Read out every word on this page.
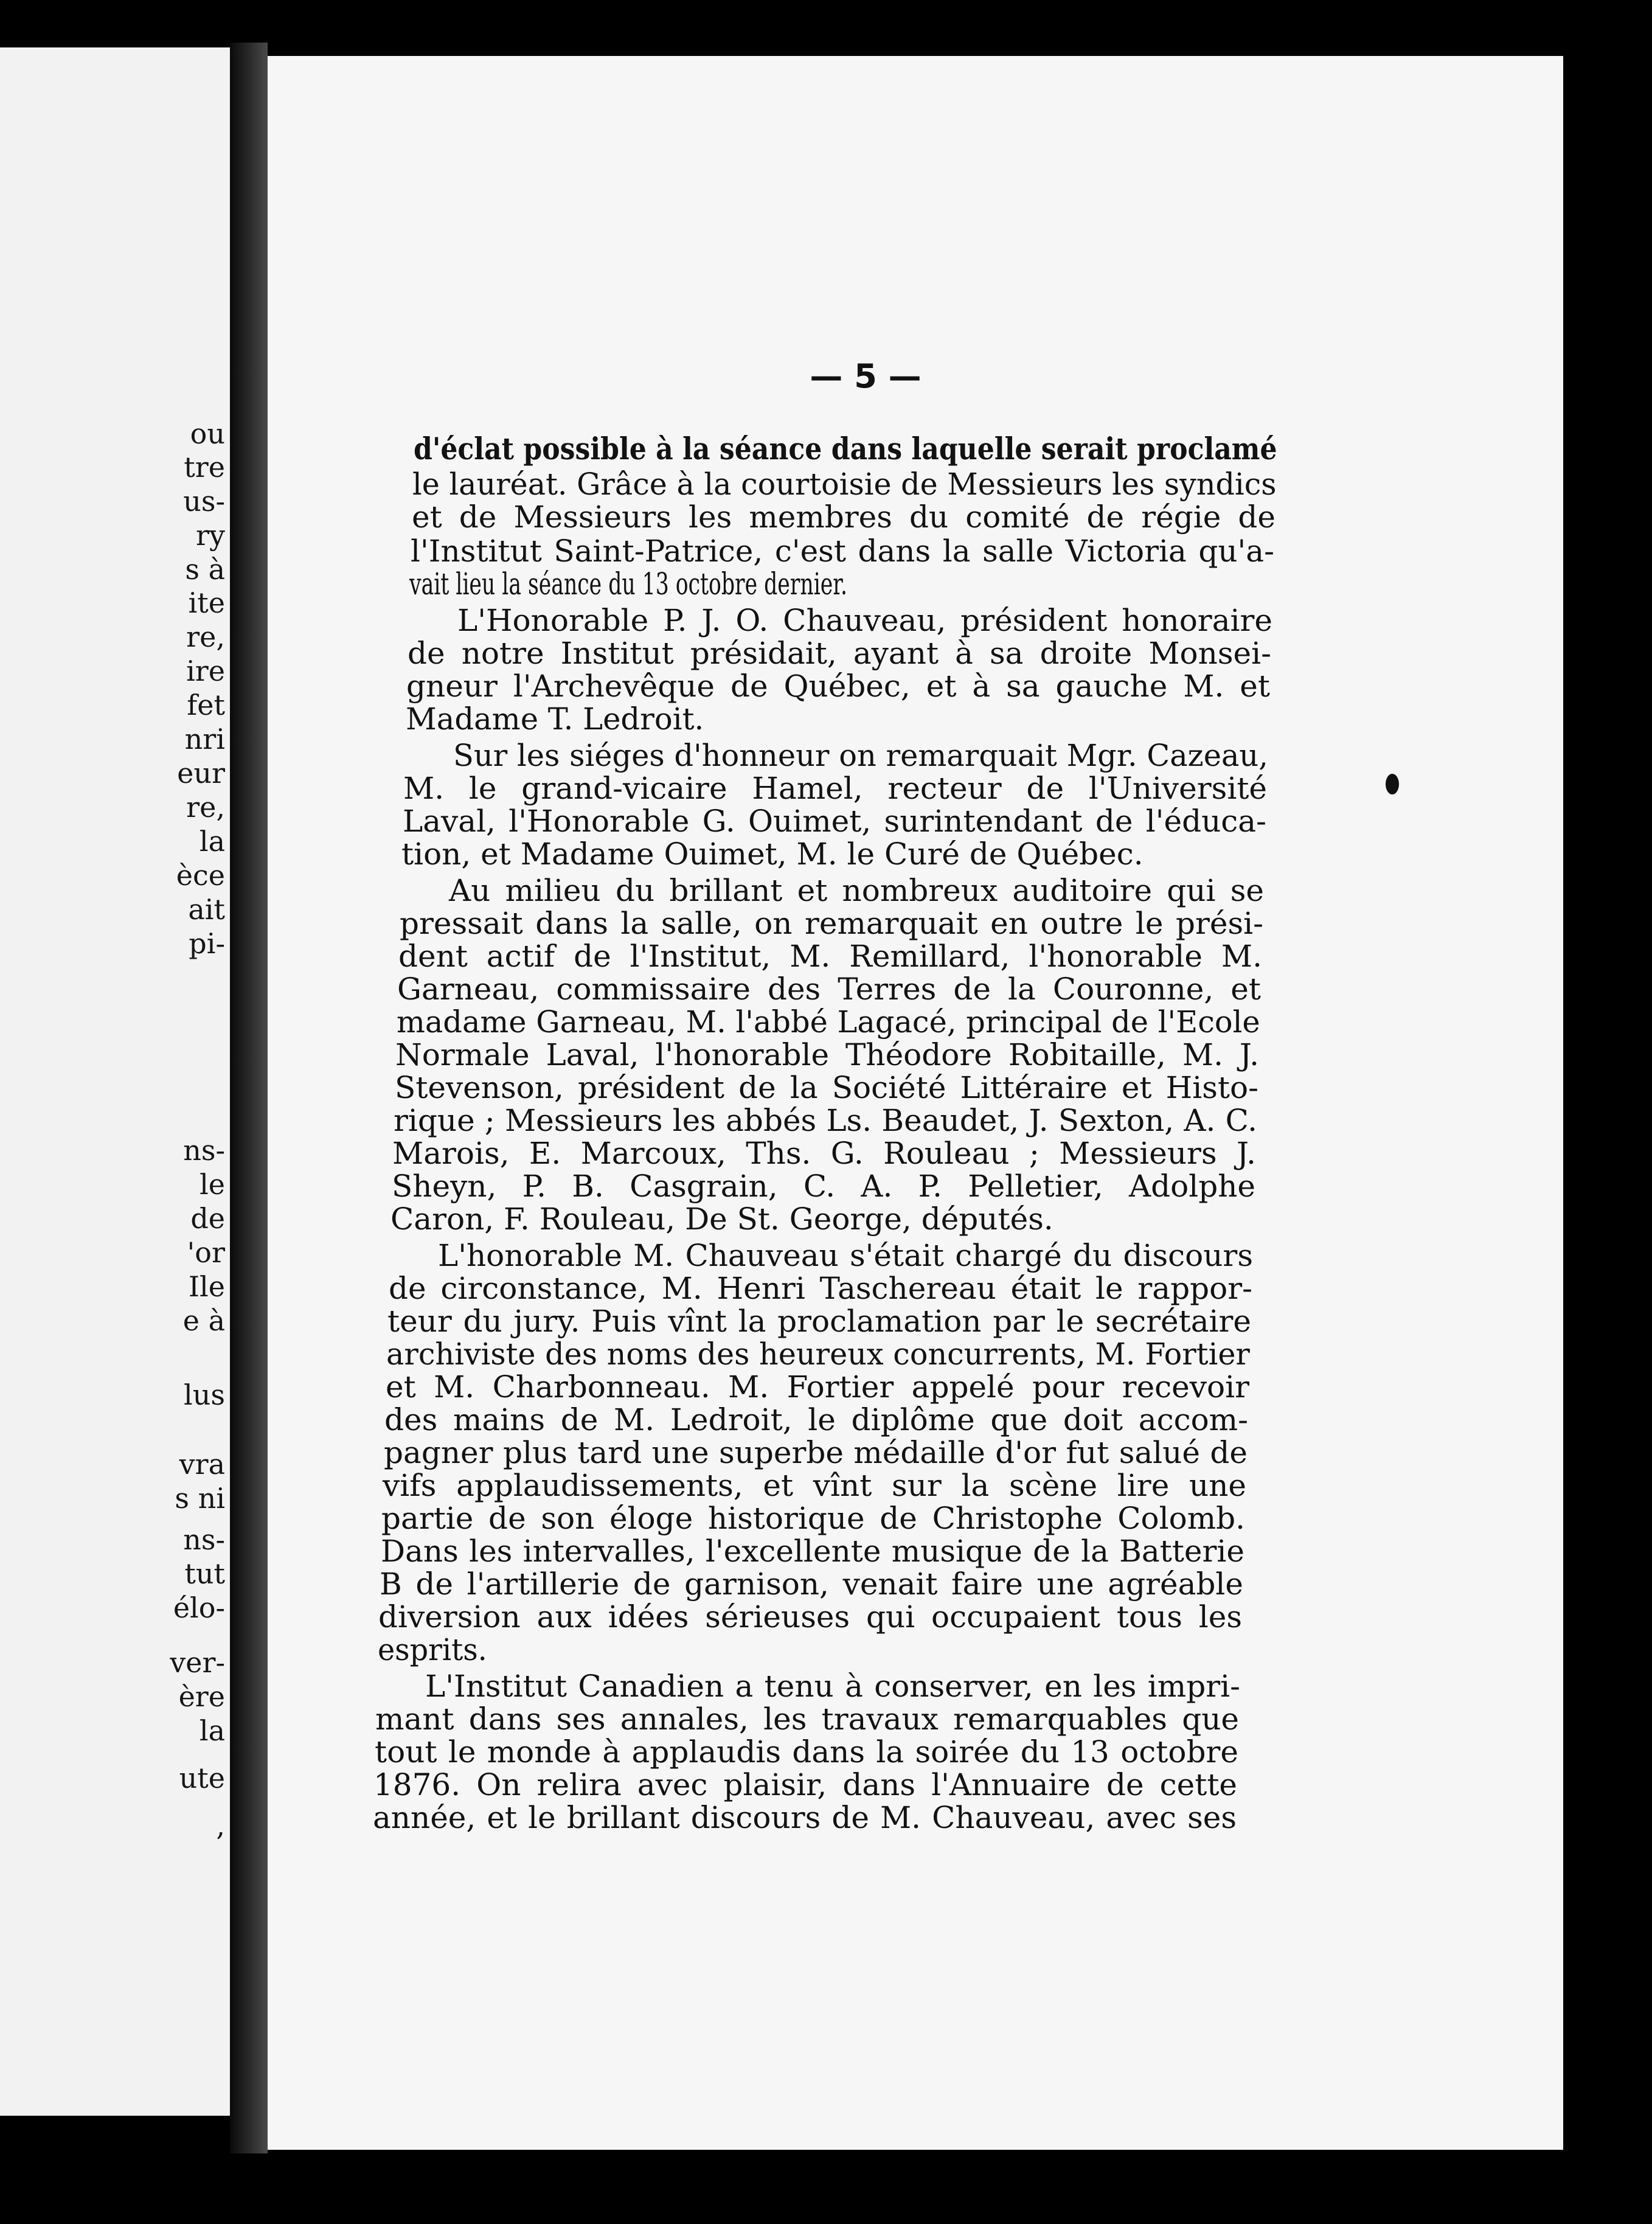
ou
tre
us-
ry
s à
ite
re,
ire
fet
nri
eur
re,
la
èce
ait
pi-
ns-
le
de
'or
Ile
e à
lus
vra
s ni
ns-
tut
élo-
ver-
ère
la
ute
,
— 5 —
d'éclat possible à la séance dans laquelle serait proclamé
le lauréat. Grâce à la courtoisie de Messieurs les syndics
et de Messieurs les membres du comité de régie de
l'Institut Saint-Patrice, c'est dans la salle Victoria qu'a-
vait lieu la séance du 13 octobre dernier.
L'Honorable P. J. O. Chauveau, président honoraire
de notre Institut présidait, ayant à sa droite Monsei-
gneur l'Archevêque de Québec, et à sa gauche M. et
Madame T. Ledroit.
Sur les siéges d'honneur on remarquait Mgr. Cazeau,
M. le grand-vicaire Hamel, recteur de l'Université
Laval, l'Honorable G. Ouimet, surintendant de l'éduca-
tion, et Madame Ouimet, M. le Curé de Québec.
Au milieu du brillant et nombreux auditoire qui se
pressait dans la salle, on remarquait en outre le prési-
dent actif de l'Institut, M. Remillard, l'honorable M.
Garneau, commissaire des Terres de la Couronne, et
madame Garneau, M. l'abbé Lagacé, principal de l'Ecole
Normale Laval, l'honorable Théodore Robitaille, M. J.
Stevenson, président de la Société Littéraire et Histo-
rique ; Messieurs les abbés Ls. Beaudet, J. Sexton, A. C.
Marois, E. Marcoux, Ths. G. Rouleau ; Messieurs J.
Sheyn, P. B. Casgrain, C. A. P. Pelletier, Adolphe
Caron, F. Rouleau, De St. George, députés.
L'honorable M. Chauveau s'était chargé du discours
de circonstance, M. Henri Taschereau était le rappor-
teur du jury. Puis vînt la proclamation par le secrétaire
archiviste des noms des heureux concurrents, M. Fortier
et M. Charbonneau. M. Fortier appelé pour recevoir
des mains de M. Ledroit, le diplôme que doit accom-
pagner plus tard une superbe médaille d'or fut salué de
vifs applaudissements, et vînt sur la scène lire une
partie de son éloge historique de Christophe Colomb.
Dans les intervalles, l'excellente musique de la Batterie
B de l'artillerie de garnison, venait faire une agréable
diversion aux idées sérieuses qui occupaient tous les
esprits.
L'Institut Canadien a tenu à conserver, en les impri-
mant dans ses annales, les travaux remarquables que
tout le monde à applaudis dans la soirée du 13 octobre
1876. On relira avec plaisir, dans l'Annuaire de cette
année, et le brillant discours de M. Chauveau, avec ses
